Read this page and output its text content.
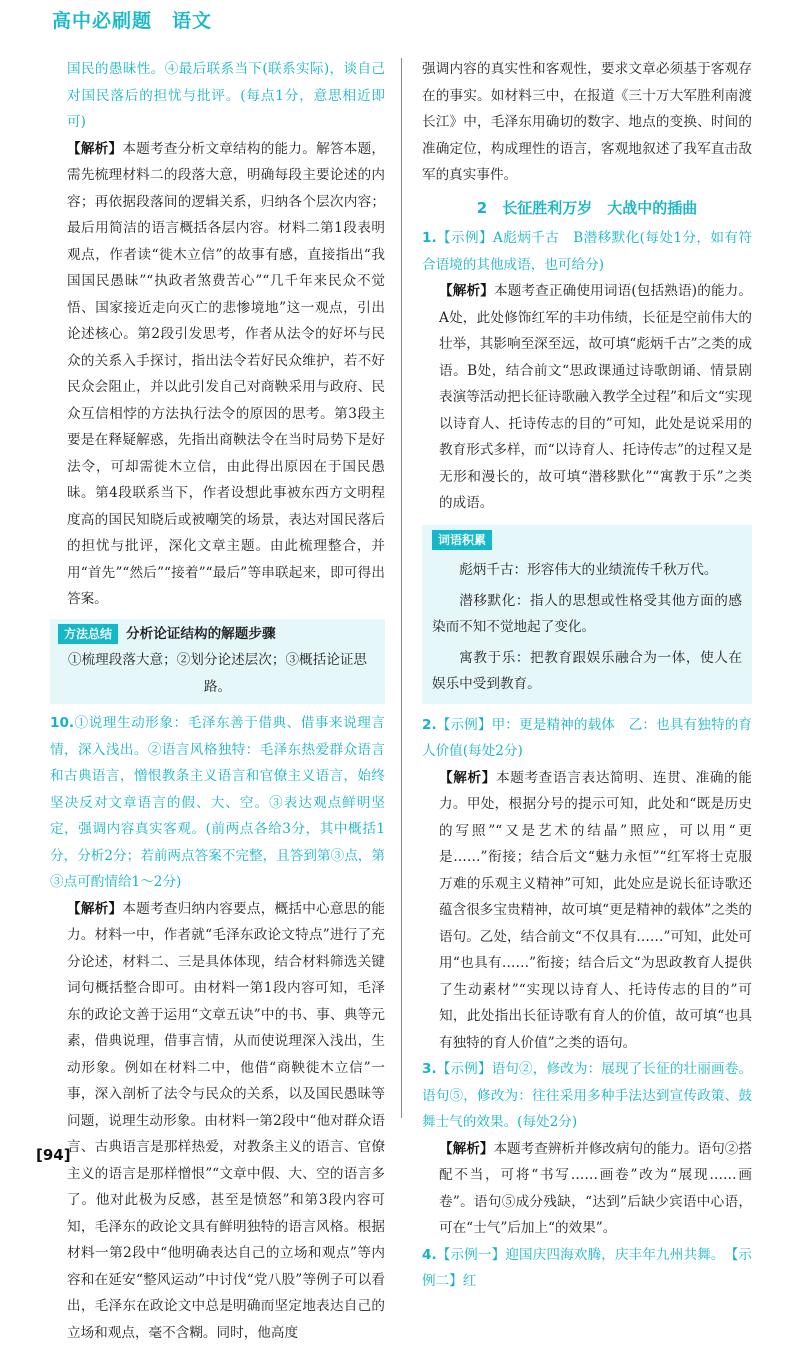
高中必刷题　语文

国民的愚昧性。④最后联系当下(联系实际)，谈自己对国民落后的担忧与批评。(每点1分，意思相近即可)

【解析】本题考查分析文章结构的能力。解答本题，需先梳理材料二的段落大意，明确每段主要论述的内容；再依据段落间的逻辑关系，归纳各个层次内容；最后用简洁的语言概括各层内容。材料二第1段表明观点，作者读“徙木立信”的故事有感，直接指出“我国国民愚昧”“执政者煞费苦心”“几千年来民众不觉悟、国家接近走向灭亡的悲惨境地”这一观点，引出论述核心。第2段引发思考，作者从法令的好坏与民众的关系入手探讨，指出法令若好民众维护，若不好民众会阻止，并以此引发自己对商鞅采用与政府、民众互信相悖的方法执行法令的原因的思考。第3段主要是在释疑解惑，先指出商鞅法令在当时局势下是好法令，可却需徙木立信，由此得出原因在于国民愚昧。第4段联系当下，作者设想此事被东西方文明程度高的国民知晓后或被嘲笑的场景，表达对国民落后的担忧与批评，深化文章主题。由此梳理整合，并用“首先”“然后”“接着”“最后”等串联起来，即可得出答案。

方法总结 分析论证结构的解题步骤
①梳理段落大意；②划分论述层次；③概括论证思路。

10.①说理生动形象：毛泽东善于借典、借事来说理言情，深入浅出。②语言风格独特：毛泽东热爱群众语言和古典语言，憎恨教条主义语言和官僚主义语言，始终坚决反对文章语言的假、大、空。③表达观点鲜明坚定，强调内容真实客观。(前两点各给3分，其中概括1分，分析2分；若前两点答案不完整，且答到第③点，第③点可酌情给1～2分)

【解析】本题考查归纳内容要点，概括中心意思的能力。材料一中，作者就“毛泽东政论文特点”进行了充分论述，材料二、三是具体体现，结合材料筛选关键词句概括整合即可。由材料一第1段内容可知，毛泽东的政论文善于运用“文章五诀”中的书、事、典等元素，借典说理，借事言情，从而使说理深入浅出，生动形象。例如在材料二中，他借“商鞅徙木立信”一事，深入剖析了法令与民众的关系，以及国民愚昧等问题，说理生动形象。由材料一第2段中“他对群众语言、古典语言是那样热爱，对教条主义的语言、官僚主义的语言是那样憎恨”“文章中假、大、空的语言多了。他对此极为反感，甚至是愤怒”和第3段内容可知，毛泽东的政论文具有鲜明独特的语言风格。根据材料一第2段中“他明确表达自己的立场和观点”等内容和在延安“整风运动”中讨伐“党八股”等例子可以看出，毛泽东在政论文中总是明确而坚定地表达自己的立场和观点，毫不含糊。同时，他高度

强调内容的真实性和客观性，要求文章必须基于客观存在的事实。如材料三中，在报道《三十万大军胜利南渡长江》中，毛泽东用确切的数字、地点的变换、时间的准确定位，构成理性的语言，客观地叙述了我军直击敌军的真实事件。

2　长征胜利万岁　大战中的插曲

1.【示例】A彪炳千古　B潜移默化(每处1分，如有符合语境的其他成语，也可给分)

【解析】本题考查正确使用词语(包括熟语)的能力。A处，此处修饰红军的丰功伟绩，长征是空前伟大的壮举，其影响至深至远，故可填“彪炳千古”之类的成语。B处，结合前文“思政课通过诗歌朗诵、情景剧表演等活动把长征诗歌融入教学全过程”和后文“实现以诗育人、托诗传志的目的”可知，此处是说采用的教育形式多样，而“以诗育人、托诗传志”的过程又是无形和漫长的，故可填“潜移默化”“寓教于乐”之类的成语。

词语积累

彪炳千古：形容伟大的业绩流传千秋万代。

潜移默化：指人的思想或性格受其他方面的感染而不知不觉地起了变化。

寓教于乐：把教育跟娱乐融合为一体，使人在娱乐中受到教育。

2.【示例】甲：更是精神的载体　乙：也具有独特的育人价值(每处2分)

【解析】本题考查语言表达简明、连贯、准确的能力。甲处，根据分号的提示可知，此处和“既是历史的写照”“又是艺术的结晶”照应，可以用“更是……”衔接；结合后文“魅力永恒”“红军将士克服万难的乐观主义精神”可知，此处应是说长征诗歌还蕴含很多宝贵精神，故可填“更是精神的载体”之类的语句。乙处，结合前文“不仅具有……”可知，此处可用“也具有……”衔接；结合后文“为思政教育人提供了生动素材”“实现以诗育人、托诗传志的目的”可知，此处指出长征诗歌有育人的价值，故可填“也具有独特的育人价值”之类的语句。

3.【示例】语句②，修改为：展现了长征的壮丽画卷。语句⑤，修改为：往往采用多种手法达到宣传政策、鼓舞士气的效果。(每处2分)

【解析】本题考查辨析并修改病句的能力。语句②搭配不当，可将“书写……画卷”改为“展现……画卷”。语句⑤成分残缺，“达到”后缺少宾语中心语，可在“士气”后加上“的效果”。

4.【示例一】迎国庆四海欢腾，庆丰年九州共舞。　【示例二】红

[94]
